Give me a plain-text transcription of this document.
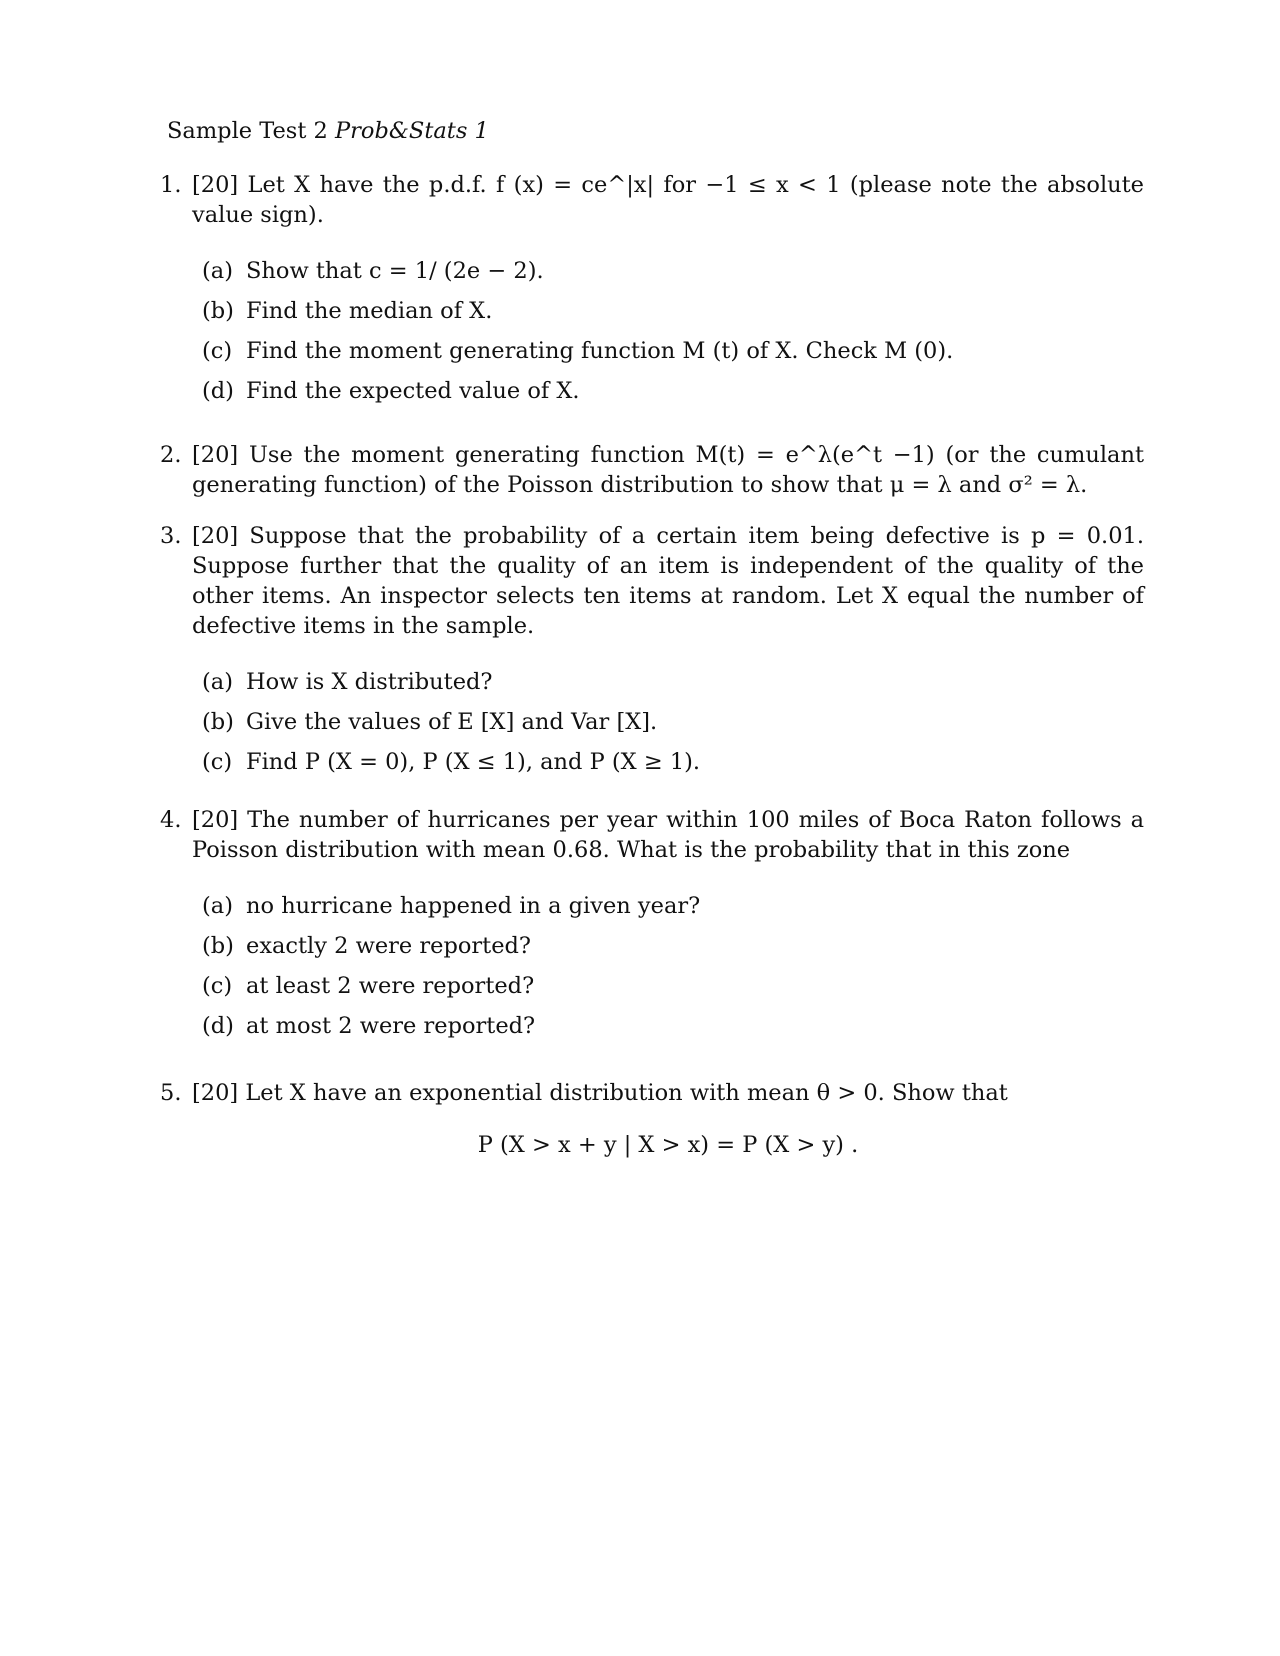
Sample Test 2 Prob&Stats 1
1. [20] Let X have the p.d.f. f (x) = ce^|x| for −1 ≤ x < 1 (please note the absolute value sign).
(a) Show that c = 1/ (2e − 2).
(b) Find the median of X.
(c) Find the moment generating function M (t) of X. Check M (0).
(d) Find the expected value of X.
2. [20] Use the moment generating function M(t) = e^λ(e^t −1) (or the cumulant generating function) of the Poisson distribution to show that μ = λ and σ² = λ.
3. [20] Suppose that the probability of a certain item being defective is p = 0.01. Suppose further that the quality of an item is independent of the quality of the other items. An inspector selects ten items at random. Let X equal the number of defective items in the sample.
(a) How is X distributed?
(b) Give the values of E [X] and Var [X].
(c) Find P (X = 0), P (X ≤ 1), and P (X ≥ 1).
4. [20] The number of hurricanes per year within 100 miles of Boca Raton follows a Poisson distribution with mean 0.68. What is the probability that in this zone
(a) no hurricane happened in a given year?
(b) exactly 2 were reported?
(c) at least 2 were reported?
(d) at most 2 were reported?
5. [20] Let X have an exponential distribution with mean θ > 0. Show that
P (X > x + y | X > x) = P (X > y) .
